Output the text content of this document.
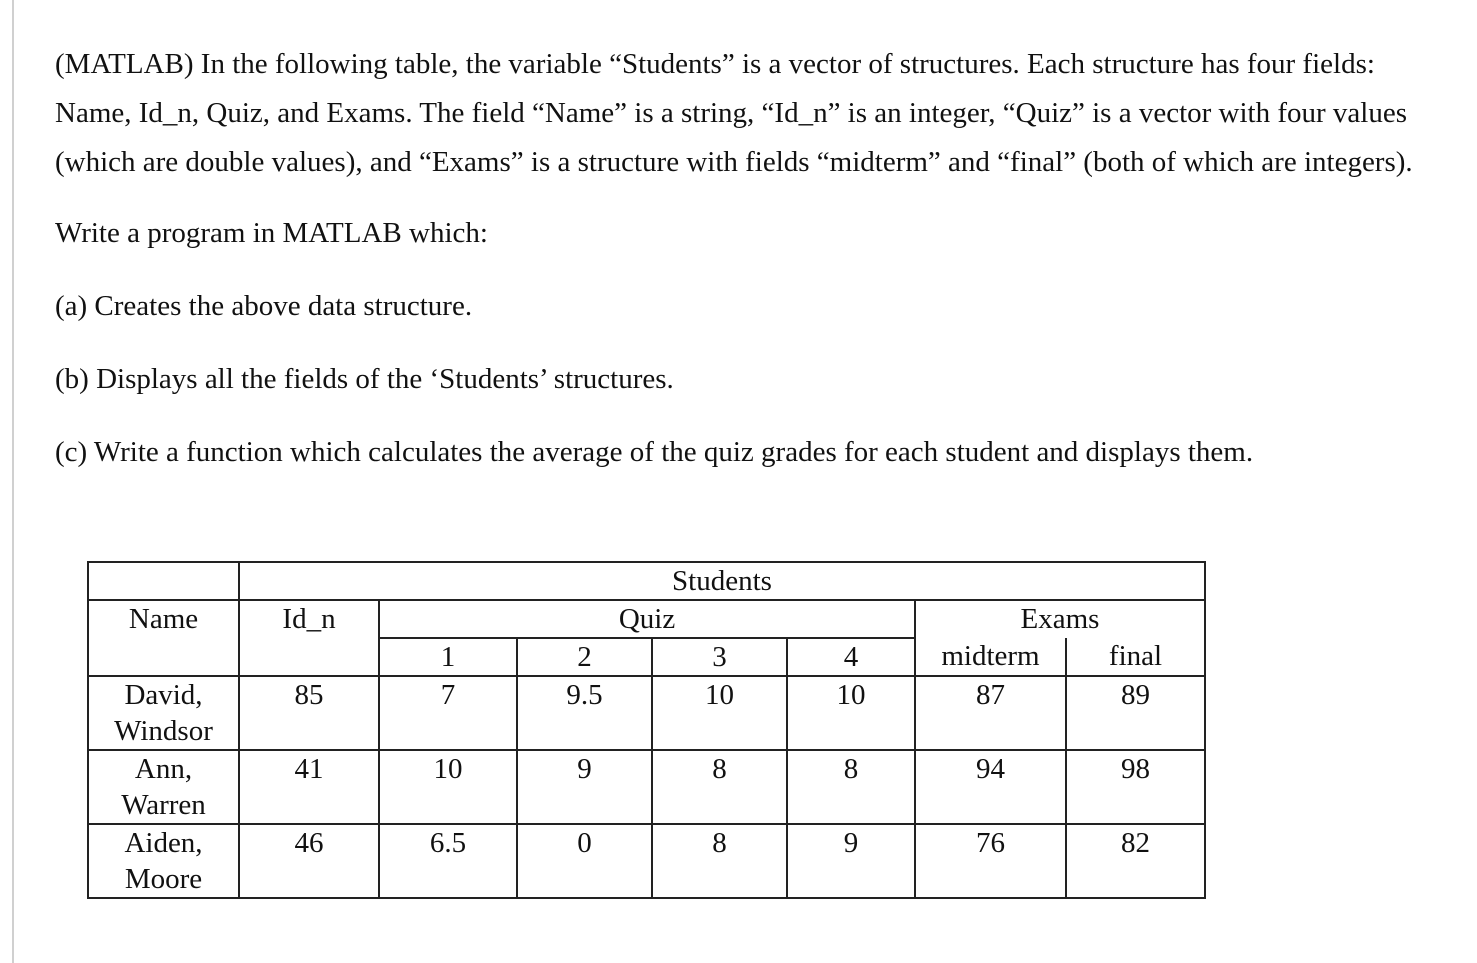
(MATLAB) In the following table, the variable “Students” is a vector of structures. Each structure has four fields: Name, Id_n, Quiz, and Exams. The field “Name” is a string, “Id_n” is an integer, “Quiz” is a vector with four values (which are double values), and “Exams” is a structure with fields “midterm” and “final” (both of which are integers).

Write a program in MATLAB which:

(a) Creates the above data structure.

(b) Displays all the fields of the ‘Students’ structures.

(c) Write a function which calculates the average of the quiz grades for each student and displays them.

	Students						
Name	Id_n	Quiz				Exams	
		1	2	3	4	midterm	final
David,
Windsor	85	7	9.5	10	10	87	89
Ann,
Warren	41	10	9	8	8	94	98
Aiden,
Moore	46	6.5	0	8	9	76	82
